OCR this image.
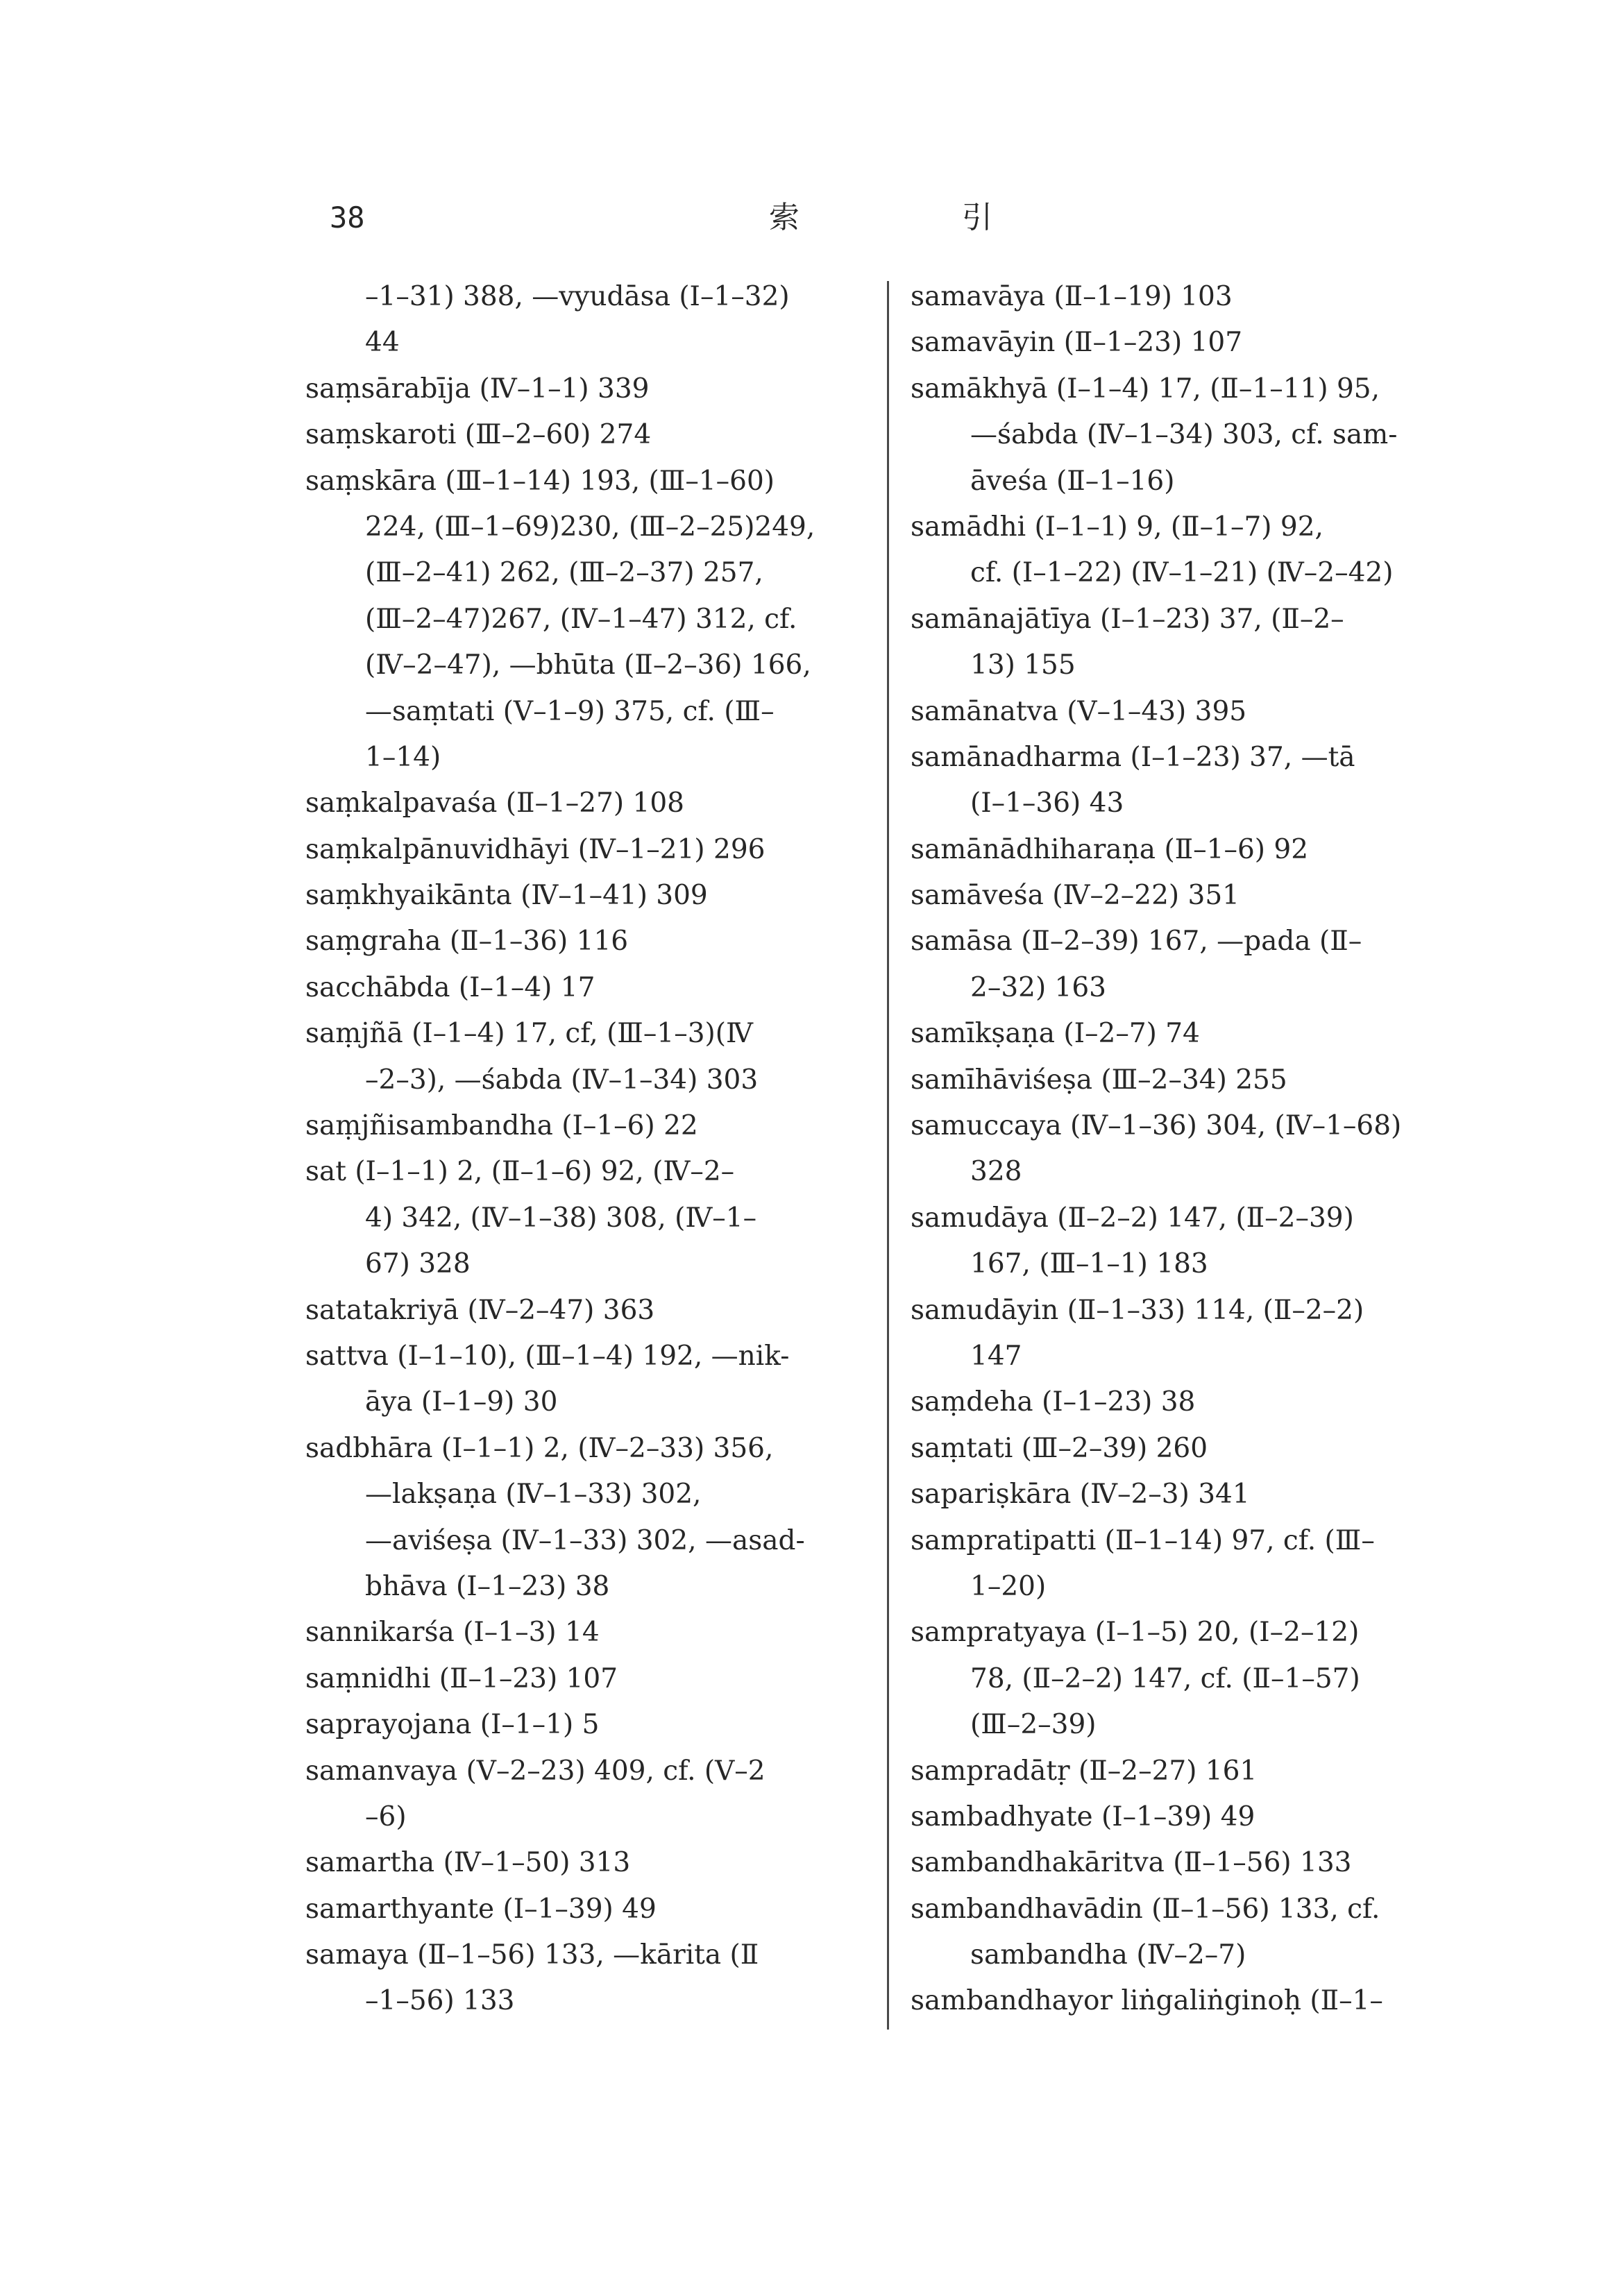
38	索	引
–1–31) 388, —vyudāsa (Ⅰ–1–32)
44
saṃsārabīja (Ⅳ–1–1) 339
saṃskaroti (Ⅲ–2–60) 274
saṃskāra (Ⅲ–1–14) 193, (Ⅲ–1–60)
224, (Ⅲ–1–69)230, (Ⅲ–2–25)249,
(Ⅲ–2–41) 262, (Ⅲ–2–37) 257,
(Ⅲ–2–47)267, (Ⅳ–1–47) 312, cf.
(Ⅳ–2–47), —bhūta (Ⅱ–2–36) 166,
—saṃtati (Ⅴ–1–9) 375, cf. (Ⅲ–
1–14)
saṃkalpavaśa (Ⅱ–1–27) 108
saṃkalpānuvidhāyi (Ⅳ–1–21) 296
saṃkhyaikānta (Ⅳ–1–41) 309
saṃgraha (Ⅱ–1–36) 116
sacchābda (Ⅰ–1–4) 17
saṃjñā (Ⅰ–1–4) 17, cf, (Ⅲ–1–3)(Ⅳ
–2–3), —śabda (Ⅳ–1–34) 303
saṃjñisambandha (Ⅰ–1–6) 22
sat (Ⅰ–1–1) 2, (Ⅱ–1–6) 92, (Ⅳ–2–
4) 342, (Ⅳ–1–38) 308, (Ⅳ–1–
67) 328
satatakriyā (Ⅳ–2–47) 363
sattva (Ⅰ–1–10), (Ⅲ–1–4) 192, —nik-
āya (Ⅰ–1–9) 30
sadbhāra (Ⅰ–1–1) 2, (Ⅳ–2–33) 356,
—lakṣaṇa (Ⅳ–1–33) 302,
—aviśeṣa (Ⅳ–1–33) 302, —asad-
bhāva (Ⅰ–1–23) 38
sannikarśa (Ⅰ–1–3) 14
saṃnidhi (Ⅱ–1–23) 107
saprayojana (Ⅰ–1–1) 5
samanvaya (Ⅴ–2–23) 409, cf. (Ⅴ–2
–6)
samartha (Ⅳ–1–50) 313
samarthyante (Ⅰ–1–39) 49
samaya (Ⅱ–1–56) 133, —kārita (Ⅱ
–1–56) 133
samavāya (Ⅱ–1–19) 103
samavāyin (Ⅱ–1–23) 107
samākhyā (Ⅰ–1–4) 17, (Ⅱ–1–11) 95,
—śabda (Ⅳ–1–34) 303, cf. sam-
āveśa (Ⅱ–1–16)
samādhi (Ⅰ–1–1) 9, (Ⅱ–1–7) 92,
cf. (Ⅰ–1–22) (Ⅳ–1–21) (Ⅳ–2–42)
samānajātīya (Ⅰ–1–23) 37, (Ⅱ–2–
13) 155
samānatva (Ⅴ–1–43) 395
samānadharma (Ⅰ–1–23) 37, —tā
(Ⅰ–1–36) 43
samānādhiharaṇa (Ⅱ–1–6) 92
samāveśa (Ⅳ–2–22) 351
samāsa (Ⅱ–2–39) 167, —pada (Ⅱ–
2–32) 163
samīkṣaṇa (Ⅰ–2–7) 74
samīhāviśeṣa (Ⅲ–2–34) 255
samuccaya (Ⅳ–1–36) 304, (Ⅳ–1–68)
328
samudāya (Ⅱ–2–2) 147, (Ⅱ–2–39)
167, (Ⅲ–1–1) 183
samudāyin (Ⅱ–1–33) 114, (Ⅱ–2–2)
147
saṃdeha (Ⅰ–1–23) 38
saṃtati (Ⅲ–2–39) 260
sapariṣkāra (Ⅳ–2–3) 341
sampratipatti (Ⅱ–1–14) 97, cf. (Ⅲ–
1–20)
sampratyaya (Ⅰ–1–5) 20, (Ⅰ–2–12)
78, (Ⅱ–2–2) 147, cf. (Ⅱ–1–57)
(Ⅲ–2–39)
sampradātṛ (Ⅱ–2–27) 161
sambadhyate (Ⅰ–1–39) 49
sambandhakāritva (Ⅱ–1–56) 133
sambandhavādin (Ⅱ–1–56) 133, cf.
sambandha (Ⅳ–2–7)
sambandhayor liṅgaliṅginoḥ (Ⅱ–1–
